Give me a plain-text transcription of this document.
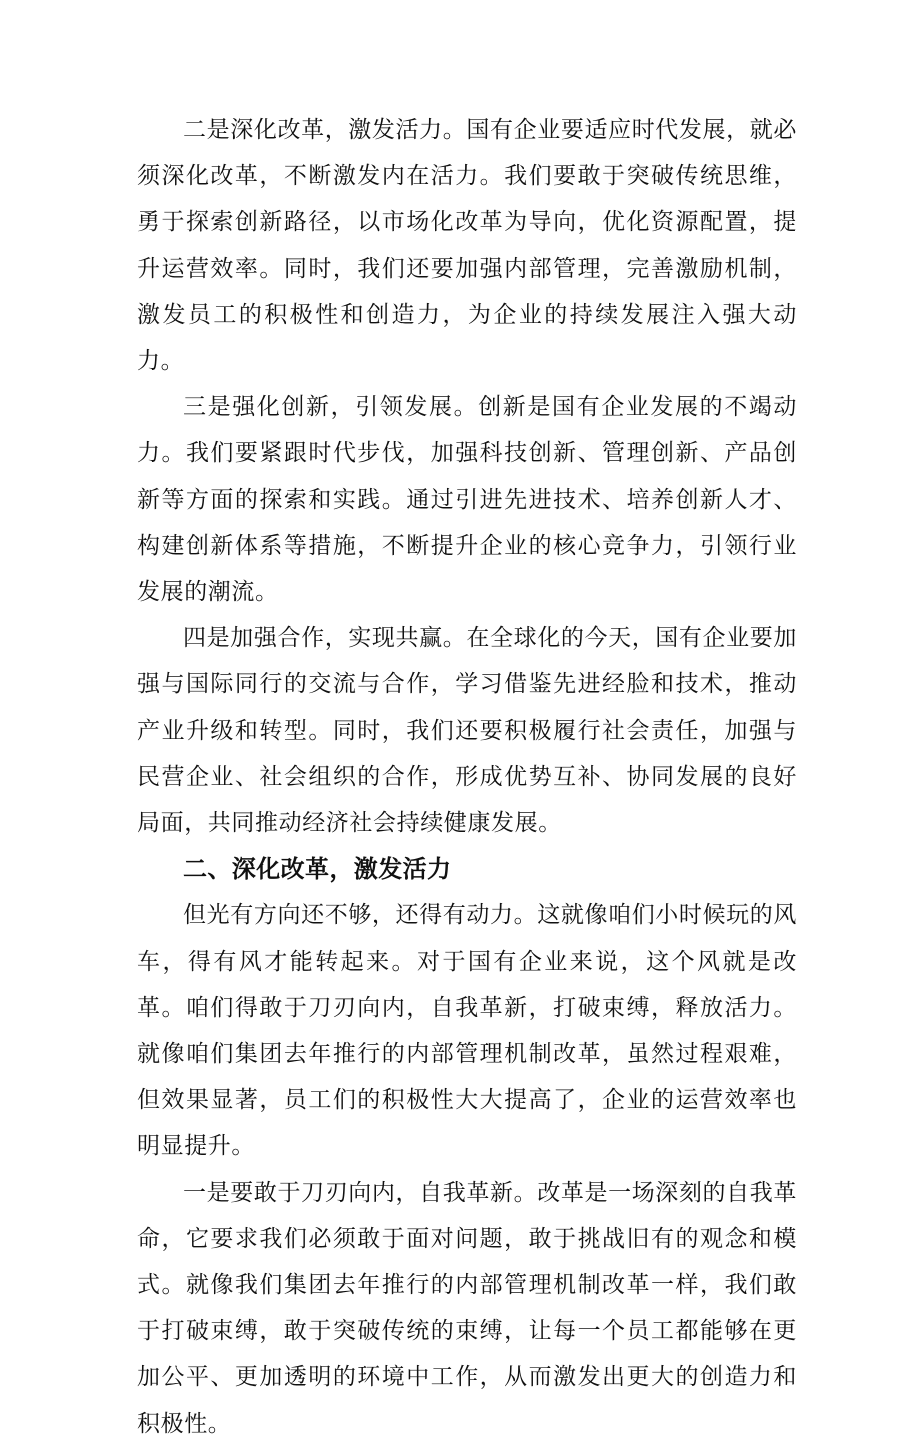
二是深化改革，激发活力。国有企业要适应时代发展，就必须深化改革，不断激发内在活力。我们要敢于突破传统思维，勇于探索创新路径，以市场化改革为导向，优化资源配置，提升运营效率。同时，我们还要加强内部管理，完善激励机制，激发员工的积极性和创造力，为企业的持续发展注入强大动力。

三是强化创新，引领发展。创新是国有企业发展的不竭动力。我们要紧跟时代步伐，加强科技创新、管理创新、产品创新等方面的探索和实践。通过引进先进技术、培养创新人才、构建创新体系等措施，不断提升企业的核心竞争力，引领行业发展的潮流。

四是加强合作，实现共赢。在全球化的今天，国有企业要加强与国际同行的交流与合作，学习借鉴先进经脸和技术，推动产业升级和转型。同时，我们还要积极履行社会责任，加强与民营企业、社会组织的合作，形成优势互补、协同发展的良好局面，共同推动经济社会持续健康发展。

二、深化改革，激发活力

但光有方向还不够，还得有动力。这就像咱们小时候玩的风车，得有风才能转起来。对于国有企业来说，这个风就是改革。咱们得敢于刀刃向内，自我革新，打破束缚，释放活力。就像咱们集团去年推行的内部管理机制改革，虽然过程艰难，但效果显著，员工们的积极性大大提高了，企业的运营效率也明显提升。

一是要敢于刀刃向内，自我革新。改革是一场深刻的自我革命，它要求我们必须敢于面对问题，敢于挑战旧有的观念和模式。就像我们集团去年推行的内部管理机制改革一样，我们敢于打破束缚，敢于突破传统的束缚，让每一个员工都能够在更加公平、更加透明的环境中工作，从而激发出更大的创造力和积极性。
